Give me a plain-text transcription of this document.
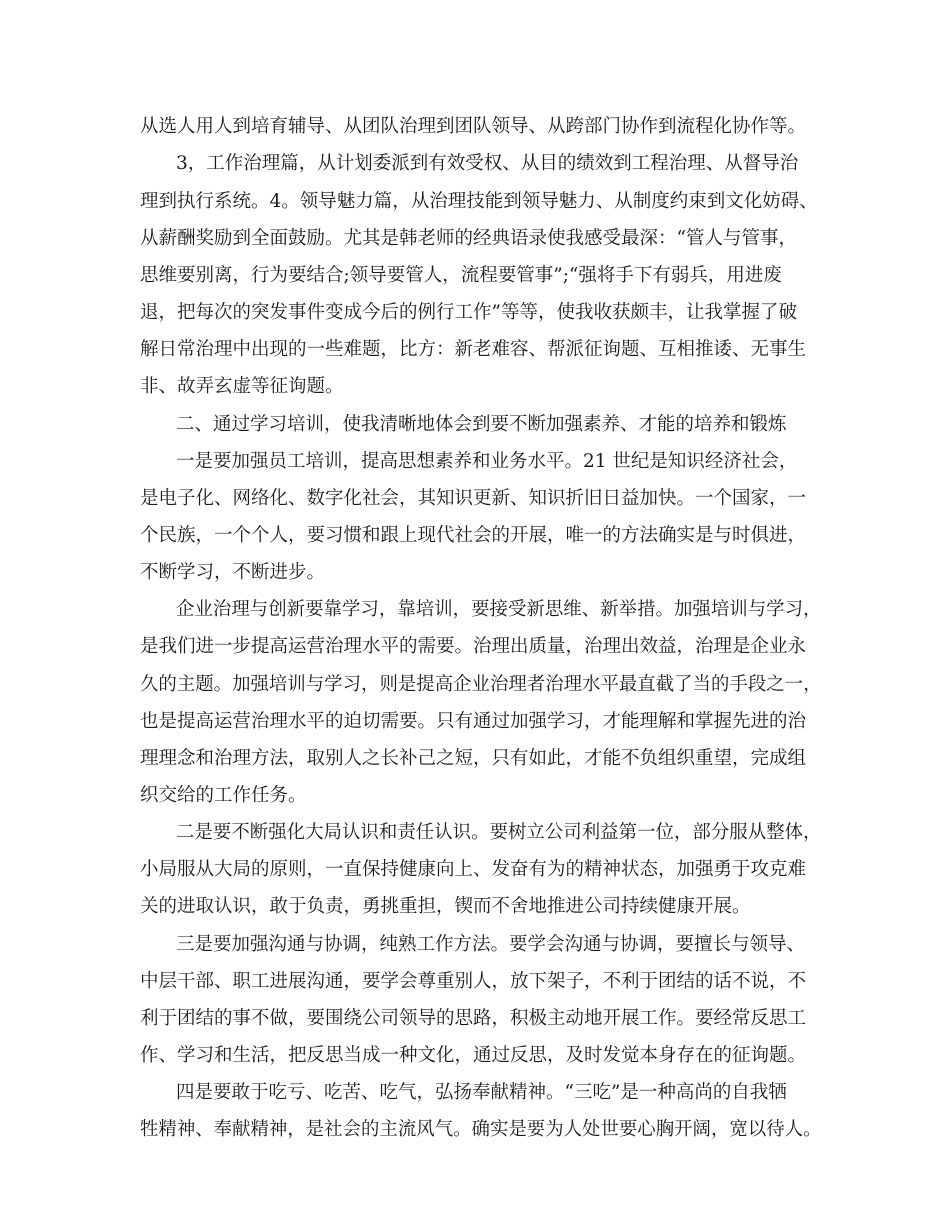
从选人用人到培育辅导、从团队治理到团队领导、从跨部门协作到流程化协作等。
3，工作治理篇，从计划委派到有效受权、从目的绩效到工程治理、从督导治
理到执行系统。4。领导魅力篇，从治理技能到领导魅力、从制度约束到文化妨碍、
从薪酬奖励到全面鼓励。尤其是韩老师的经典语录使我感受最深：“管人与管事，
思维要别离，行为要结合;领导要管人，流程要管事”;“强将手下有弱兵，用进废
退，把每次的突发事件变成今后的例行工作”等等，使我收获颇丰，让我掌握了破
解日常治理中出现的一些难题，比方：新老难容、帮派征询题、互相推诿、无事生
非、故弄玄虚等征询题。
二、通过学习培训，使我清晰地体会到要不断加强素养、才能的培养和锻炼
一是要加强员工培训，提高思想素养和业务水平。21 世纪是知识经济社会，
是电子化、网络化、数字化社会，其知识更新、知识折旧日益加快。一个国家，一
个民族，一个个人，要习惯和跟上现代社会的开展，唯一的方法确实是与时俱进，
不断学习，不断进步。
企业治理与创新要靠学习，靠培训，要接受新思维、新举措。加强培训与学习，
是我们进一步提高运营治理水平的需要。治理出质量，治理出效益，治理是企业永
久的主题。加强培训与学习，则是提高企业治理者治理水平最直截了当的手段之一，
也是提高运营治理水平的迫切需要。只有通过加强学习，才能理解和掌握先进的治
理理念和治理方法，取别人之长补己之短，只有如此，才能不负组织重望，完成组
织交给的工作任务。
二是要不断强化大局认识和责任认识。要树立公司利益第一位，部分服从整体，
小局服从大局的原则，一直保持健康向上、发奋有为的精神状态，加强勇于攻克难
关的进取认识，敢于负责，勇挑重担，锲而不舍地推进公司持续健康开展。
三是要加强沟通与协调，纯熟工作方法。要学会沟通与协调，要擅长与领导、
中层干部、职工进展沟通，要学会尊重别人，放下架子，不利于团结的话不说，不
利于团结的事不做，要围绕公司领导的思路，积极主动地开展工作。要经常反思工
作、学习和生活，把反思当成一种文化，通过反思，及时发觉本身存在的征询题。
四是要敢于吃亏、吃苦、吃气，弘扬奉献精神。“三吃”是一种高尚的自我牺
牲精神、奉献精神，是社会的主流风气。确实是要为人处世要心胸开阔，宽以待人。
